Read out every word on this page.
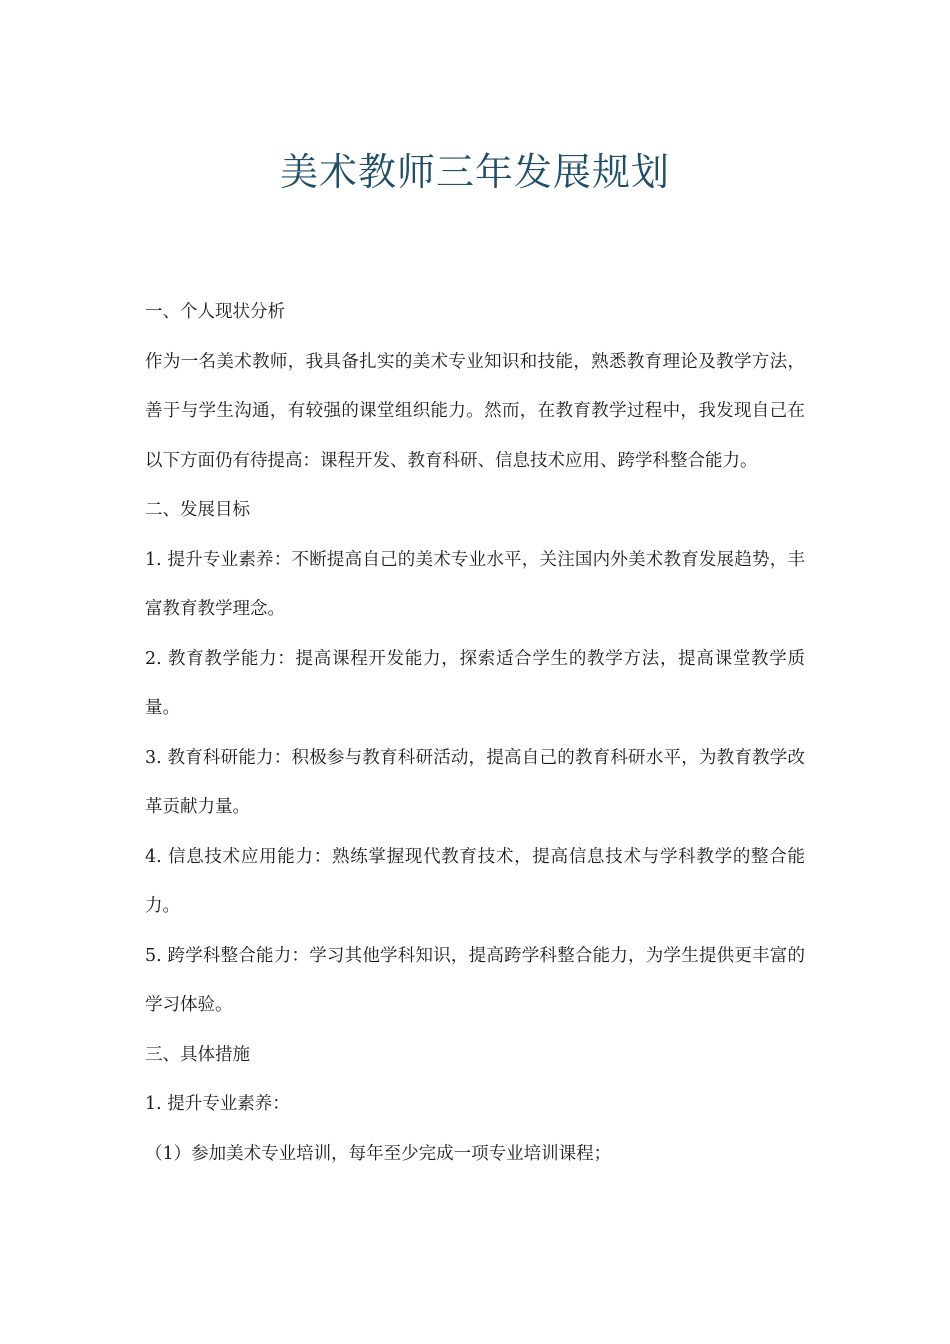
美术教师三年发展规划

一、个人现状分析

作为一名美术教师，我具备扎实的美术专业知识和技能，熟悉教育理论及教学方法，善于与学生沟通，有较强的课堂组织能力。然而，在教育教学过程中，我发现自己在以下方面仍有待提高：课程开发、教育科研、信息技术应用、跨学科整合能力。

二、发展目标

1. 提升专业素养：不断提高自己的美术专业水平，关注国内外美术教育发展趋势，丰富教育教学理念。

2. 教育教学能力：提高课程开发能力，探索适合学生的教学方法，提高课堂教学质量。

3. 教育科研能力：积极参与教育科研活动，提高自己的教育科研水平，为教育教学改革贡献力量。

4. 信息技术应用能力：熟练掌握现代教育技术，提高信息技术与学科教学的整合能力。

5. 跨学科整合能力：学习其他学科知识，提高跨学科整合能力，为学生提供更丰富的学习体验。

三、具体措施

1. 提升专业素养：

（1）参加美术专业培训，每年至少完成一项专业培训课程；
